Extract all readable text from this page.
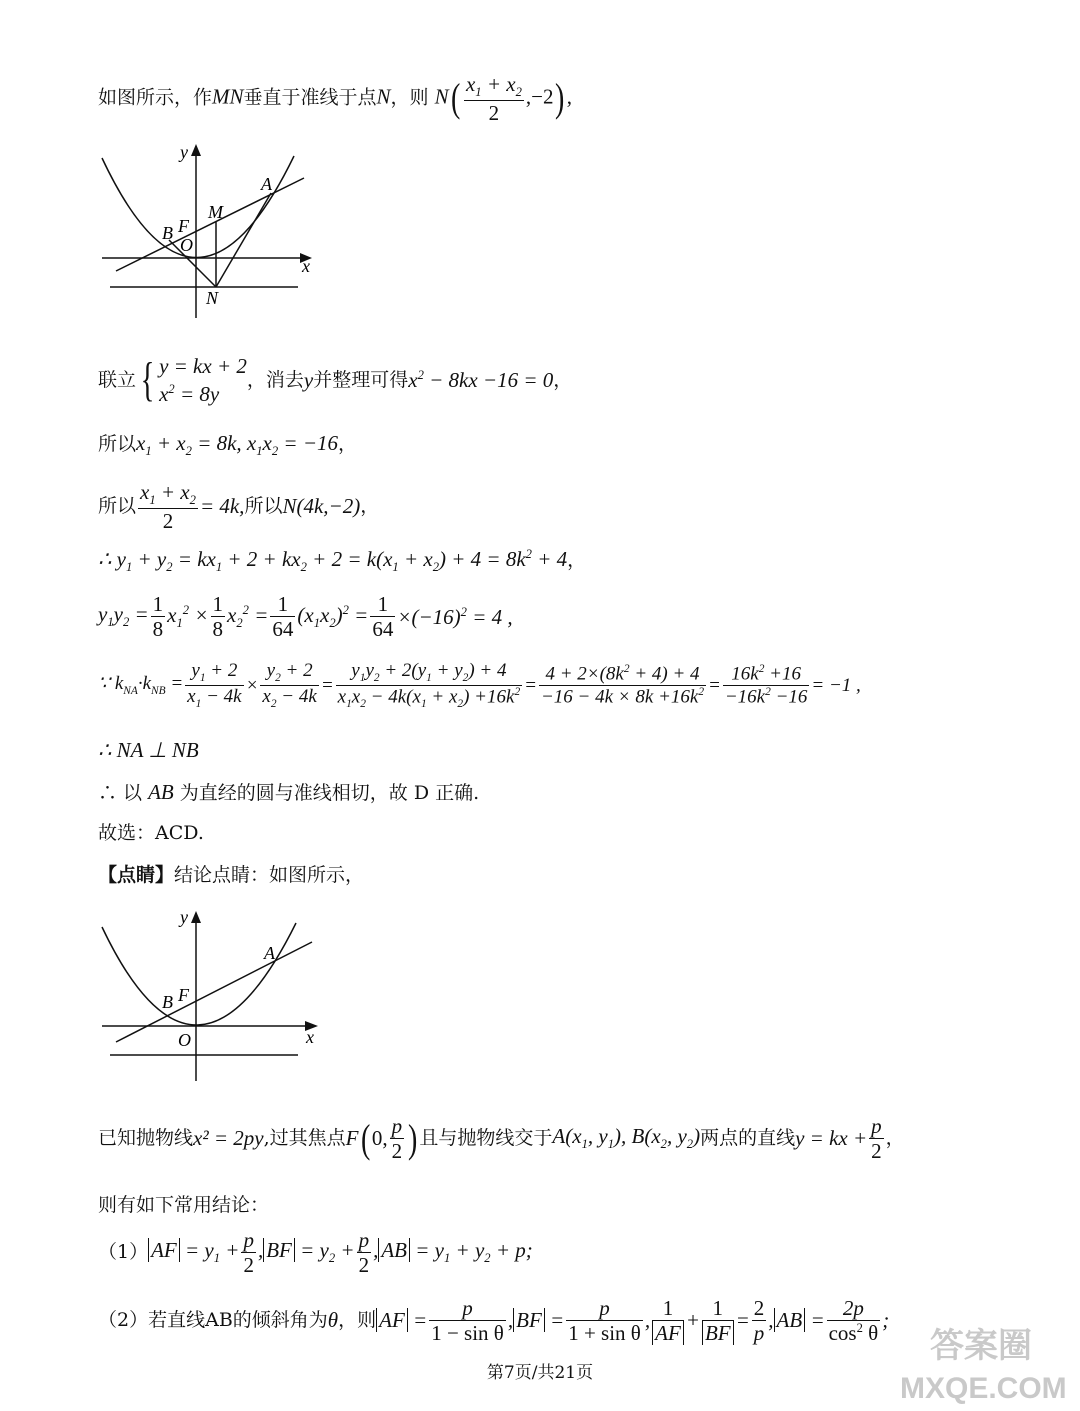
如图所示，作MN垂直于准线于点N，则 $N( \frac{x_1 + x_2}{2} ,-2)$,
y
A
M
F
B
O
x
N
联立{ y = kx + 2
$x^2 = 8y$
，消去y并整理可得$x^2 - 8kx -16 = 0$，
所以$x_1 + x_2 = 8k$, $x_1x_2 = -16$，
所以 $\frac{x_1 + x_2}{2} = 4k$,所以N(4k,−2)，
∴ $y_1 + y_2 = kx_1 + 2 + kx_2 + 2 = k(x_1 + x_2) + 4 = 8k^2 + 4$，
$y_1y_2 = \frac{1}{8} x_1^2 \times \frac{1}{8} x_2^2 = \frac{1}{64} (x_1x_2)^2 = \frac{1}{64} \times(-16)^2 = 4$ ,
∵ $k_{NA}\cdot k_{NB} = \frac{y_1 + 2}{x_1 - 4k} \times \frac{y_2 + 2}{x_2 - 4k} = \frac{y_1y_2 + 2(y_1 + y_2) + 4}{x_1x_2 - 4k(x_1 + x_2) +16k^2} = \frac{4 + 2\times(8k^2 + 4) + 4}{-16 - 4k \times 8k +16k^2} = \frac{16k^2 +16}{-16k^2 -16} = -1$ ,
∴ NA ⊥ NB
∴ 以 AB 为直经的圆与准线相切，故 D 正确.
故选：ACD.
【点睛】结论点睛：如图所示，
y
A
B F
O	x
已知抛物线x² = 2py,过其焦点F(0, $\frac{p}{2}$ ) 且与抛物线交于$A(x_1$, $y_1$), $B(x_2$, $y_2$)两点的直线y = kx + $\frac{p}{2}$ ，
则有如下常用结论：
（1） AF = $y_1 + \frac{p}{2}$ , BF = $y_2 + \frac{p}{2}$ , AB = $y_1 + y_2 + p$;
（2）若直线AB的倾斜角为θ，则 AF = $\frac{p}{\text{1 − sin θ}}$ , BF = $\frac{p}{\text{1 + sin θ}}$ , $\frac{1}{AF} + \frac{1}{BF} = \frac{2}{p}$ , AB = $\frac{2p}{\cos^2 \theta}$ ;
第7页/共21页
答案圈
MXQE.COM
